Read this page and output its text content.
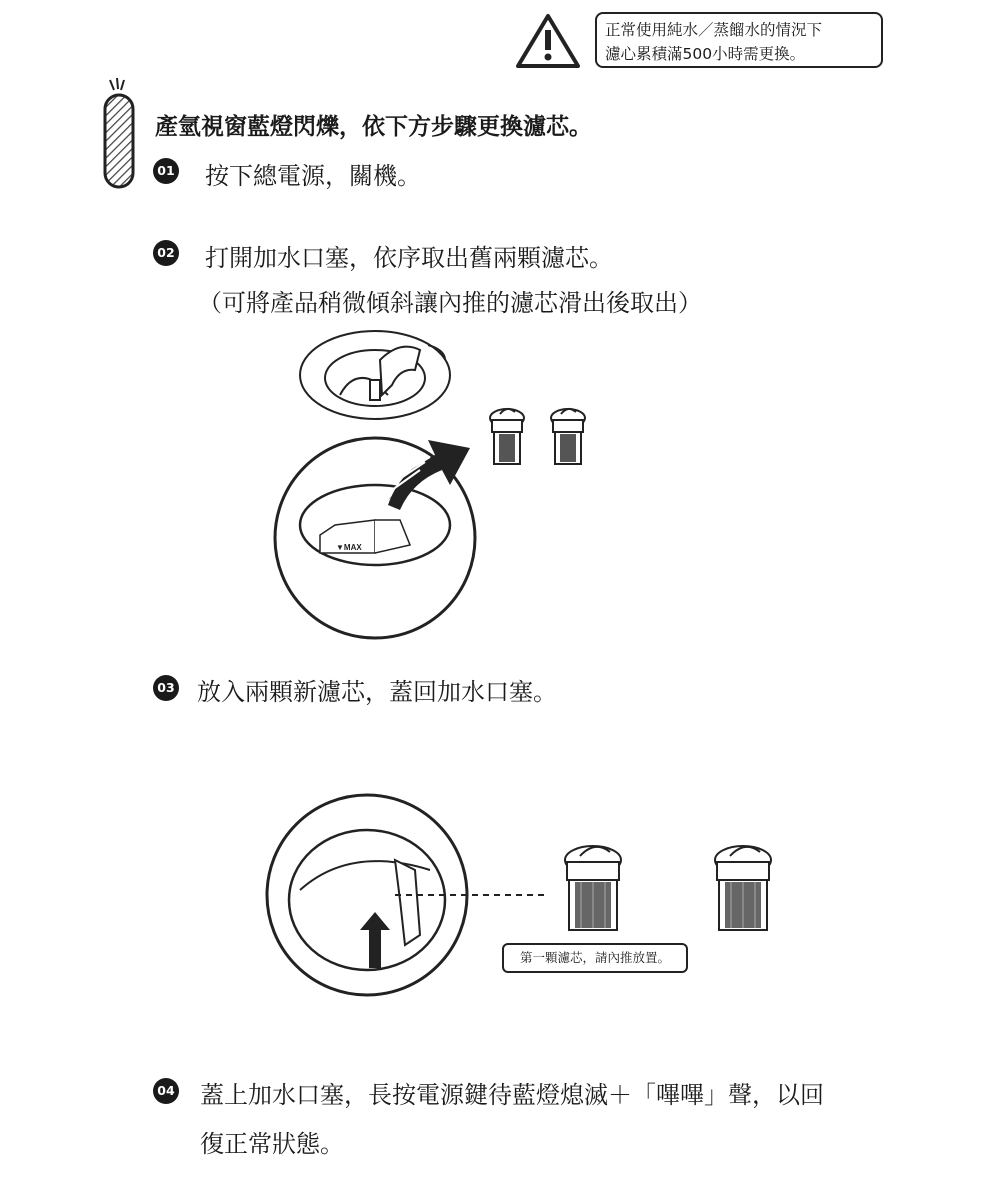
▼MAX
正常使用純水／蒸餾水的情況下
濾心累積滿500小時需更換。
產氫視窗藍燈閃爍，依下方步驟更換濾芯。
01 按下總電源，關機。
02 打開加水口塞，依序取出舊兩顆濾芯。
（可將產品稍微傾斜讓內推的濾芯滑出後取出）
03 放入兩顆新濾芯，蓋回加水口塞。
第一顆濾芯，請內推放置。
04 蓋上加水口塞，長按電源鍵待藍燈熄滅＋「嗶嗶」聲，以回
復正常狀態。
